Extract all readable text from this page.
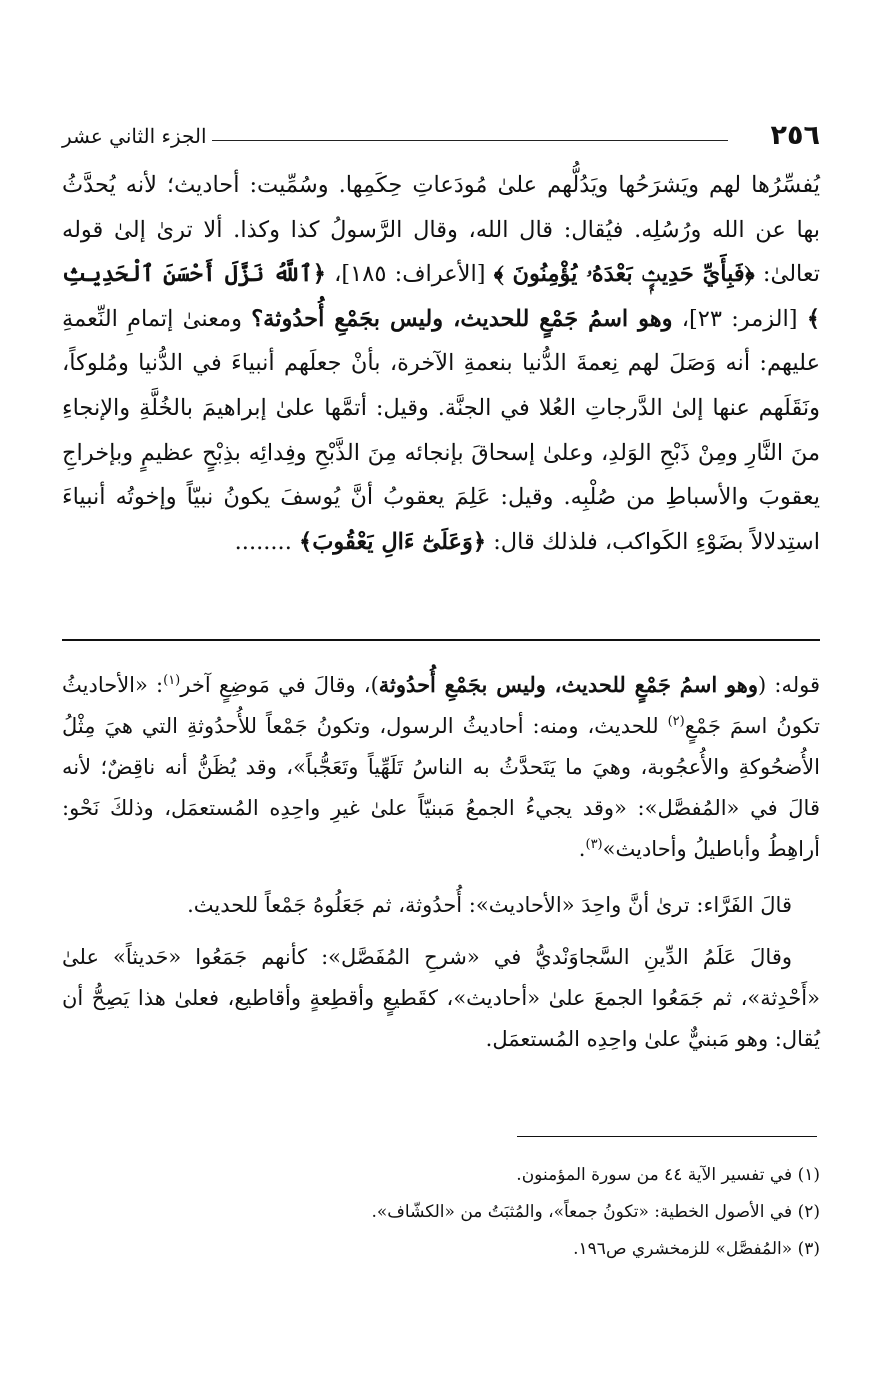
٢٥٦
الجزء الثاني عشر

يُفسِّرُها لهم ويَشرَحُها ويَدُلُّهم علىٰ مُودَعاتِ حِكَمِها. وسُمِّيت: أحاديث؛ لأنه يُحدَّثُ بها عن الله ورُسُلِه. فيُقال: قال الله، وقال الرَّسولُ كذا وكذا. ألا ترىٰ إلىٰ قوله تعالىٰ: ﴿فَبِأَيِّ حَدِيثٍۭ بَعْدَهُۥ يُؤْمِنُونَ ﴾ [الأعراف: ١٨٥]، ﴿ٱللَّهُ نَزَّلَ أَحْسَنَ ٱلْحَدِيثِ ﴾ [الزمر: ٢٣]، وهو اسمُ جَمْعٍ للحديث، وليس بجَمْعِ أُحدُوثة؟ ومعنىٰ إتمامِ النِّعمةِ عليهم: أنه وَصَلَ لهم نِعمةَ الدُّنيا بنعمةِ الآخرة، بأنْ جعلَهم أنبياءَ في الدُّنيا ومُلوكاً، ونَقَلَهم عنها إلىٰ الدَّرجاتِ العُلا في الجنَّة. وقيل: أتمَّها علىٰ إبراهيمَ بالخُلَّةِ والإنجاءِ منَ النَّارِ ومِنْ ذَبْحِ الوَلدِ، وعلىٰ إسحاقَ بإنجائه مِنَ الذَّبْحِ وفِدائِه بذِبْحٍ عظيمٍ وبإخراجِ يعقوبَ والأسباطِ من صُلْبِه. وقيل: عَلِمَ يعقوبُ أنَّ يُوسفَ يكونُ نبيّاً وإخوتُه أنبياءَ استِدلالاً بضَوْءِ الكَواكب، فلذلك قال: ﴿وَعَلَىٰٓ ءَالِ يَعْقُوبَ﴾ ........

قوله: (وهو اسمُ جَمْعٍ للحديث، وليس بجَمْعِ أُحدُوثة)، وقالَ في مَوضِعٍ آخر$^{(١)}$: «الأحاديثُ تكونُ اسمَ جَمْعٍ$^{(٢)}$ للحديث، ومنه: أحاديثُ الرسول، وتكونُ جَمْعاً للأُحدُوثةِ التي هيَ مِثْلُ الأُضحُوكةِ والأُعجُوبة، وهيَ ما يَتَحدَّثُ به الناسُ تَلَهِّياً وتَعَجُّباً»، وقد يُظَنُّ أنه ناقِضٌ؛ لأنه قالَ في «المُفصَّل»: «وقد يجيءُ الجمعُ مَبنيّاً علىٰ غيرِ واحِدِه المُستعمَل، وذلكَ نَحْو: أراهِطُ وأباطيلُ وأحاديث»$^{(٣)}$.

قالَ الفَرَّاء: ترىٰ أنَّ واحِدَ «الأحاديث»: أُحدُوثة، ثم جَعَلُوهُ جَمْعاً للحديث.

وقالَ عَلَمُ الدِّينِ السَّجاوَنْديُّ في «شرحِ المُفَصَّل»: كأنهم جَمَعُوا «حَديثاً» علىٰ «أَحْدِثة»، ثم جَمَعُوا الجمعَ علىٰ «أحاديث»، كقَطيعٍ وأقطِعةٍ وأقاطيع، فعلىٰ هذا يَصِحُّ أن يُقال: وهو مَبنيٌّ علىٰ واحِدِه المُستعمَل.

(١) في تفسير الآية ٤٤ من سورة المؤمنون.

(٢) في الأصول الخطية: «تكونُ جمعاً»، والمُثبَتُ من «الكشّاف».

(٣) «المُفصَّل» للزمخشري ص١٩٦.
